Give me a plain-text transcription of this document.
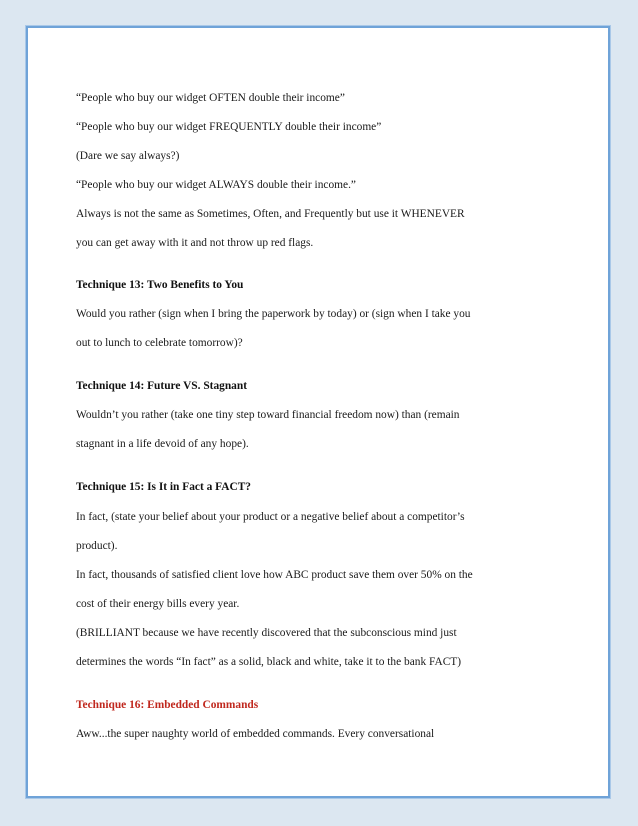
“People who buy our widget OFTEN double their income”

“People who buy our widget FREQUENTLY double their income”

(Dare we say always?)

“People who buy our widget ALWAYS double their income.”

Always is not the same as Sometimes, Often, and Frequently but use it WHENEVER

you can get away with it and not throw up red flags.

Technique 13: Two Benefits to You

Would you rather (sign when I bring the paperwork by today) or (sign when I take you

out to lunch to celebrate tomorrow)?

Technique 14: Future VS. Stagnant

Wouldn’t you rather (take one tiny step toward financial freedom now) than (remain

stagnant in a life devoid of any hope).

Technique 15: Is It in Fact a FACT?

In fact, (state your belief about your product or a negative belief about a competitor’s

product).

In fact, thousands of satisfied client love how ABC product save them over 50% on the

cost of their energy bills every year.

(BRILLIANT because we have recently discovered that the subconscious mind just

determines the words “In fact” as a solid, black and white, take it to the bank FACT)

Technique 16: Embedded Commands

Aww...the super naughty world of embedded commands. Every conversational
